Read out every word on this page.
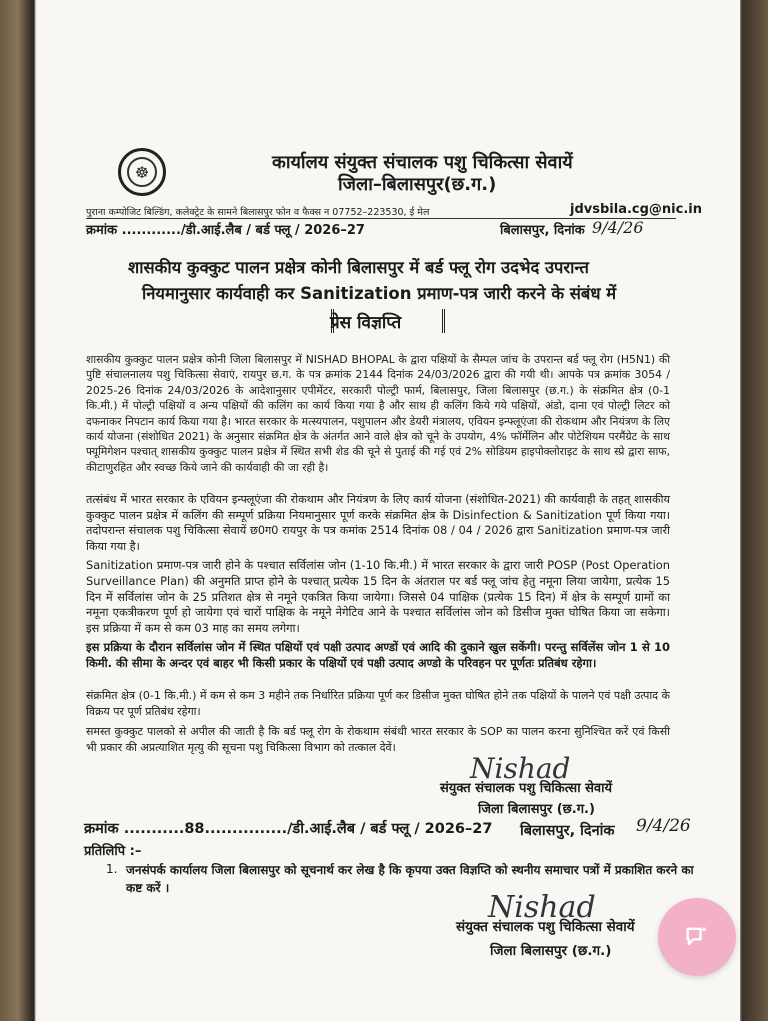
☸	कार्यालय संयुक्त संचालक पशु चिकित्सा सेवायें
जिला–बिलासपुर(छ.ग.)
पुराना कम्पोजिट बिल्डिंग, कलेक्ट्रेट के सामने बिलासपुर फोन व फैक्स न 07752–223530, ई मेल	jdvsbila.cg@nic.in
क्रमांक ............/डी.आई.लैब / बर्ड फ्लू / 2026–27	बिलासपुर, दिनांक 9/4/26
शासकीय कुक्कुट पालन प्रक्षेत्र कोनी बिलासपुर में बर्ड फ्लू रोग उदभेद उपरान्त
नियमानुसार कार्यवाही कर Sanitization प्रमाण-पत्र जारी करने के संबंध में
प्रेस विज्ञप्ति

शासकीय कुक्कुट पालन प्रक्षेत्र कोनी जिला बिलासपुर में NISHAD BHOPAL के द्वारा पक्षियों के सैम्पल जांच के उपरान्त बर्ड फ्लू रोग (H5N1) की पुष्टि संचालनालय पशु चिकित्सा सेवाएं, रायपुर छ.ग. के पत्र क्रमांक 2144 दिनांक 24/03/2026 द्वारा की गयी थी। आपके पत्र क्रमांक 3054 / 2025-26 दिनांक 24/03/2026 के आदेशानुसार एपीमेंटर, सरकारी पोल्ट्री फार्म, बिलासपुर, जिला बिलासपुर (छ.ग.) के संक्रमित क्षेत्र (0-1 कि.मी.) में पोल्ट्री पक्षियों व अन्य पक्षियों की कलिंग का कार्य किया गया है और साथ ही कलिंग किये गये पक्षियों, अंडो, दाना एवं पोल्ट्री लिटर को दफनाकर निपटान कार्य किया गया है। भारत सरकार के मत्स्यपालन, पशुपालन और डेयरी मंत्रालय, एवियन इन्फ्लूएंजा की रोकथाम और नियंत्रण के लिए कार्य योजना (संशोधित 2021) के अनुसार संक्रमित क्षेत्र के अंतर्गत आने वाले क्षेत्र को चूने के उपयोग, 4% फॉर्मेलिन और पोटेशियम परमैंग्रेट के साथ फ्यूमिगेशन पश्चात् शासकीय कुक्कुट पालन प्रक्षेत्र में स्थित सभी शेड की चूने से पुताई की गई एवं 2% सोडियम हाइपोक्लोराइट के साथ स्प्रे द्वारा साफ, कीटाणुरहित और स्वच्छ किये जाने की कार्यवाही की जा रही है।

तत्संबंध में भारत सरकार के एवियन इन्फ्लूएंजा की रोकथाम और नियंत्रण के लिए कार्य योजना (संशोधित-2021) की कार्यवाही के तहत् शासकीय कुक्कुट पालन प्रक्षेत्र में कलिंग की सम्पूर्ण प्रक्रिया नियमानुसार पूर्ण करके संक्रमित क्षेत्र के Disinfection & Sanitization पूर्ण किया गया। तदोपरान्त संचालक पशु चिकित्सा सेवायें छ0ग0 रायपुर के पत्र कमांक 2514 दिनांक 08 / 04 / 2026 द्वारा Sanitization प्रमाण-पत्र जारी किया गया है।

Sanitization प्रमाण-पत्र जारी होने के पश्चात सर्विलांस जोन (1-10 कि.मी.) में भारत सरकार के द्वारा जारी POSP (Post Operation Surveillance Plan) की अनुमति प्राप्त होने के पश्चात् प्रत्येक 15 दिन के अंतराल पर बर्ड फ्लू जांच हेतु नमूना लिया जायेगा, प्रत्येक 15 दिन में सर्विलांस जोन के 25 प्रतिशत क्षेत्र से नमूने एकत्रित किया जायेगा। जिससे 04 पाक्षिक (प्रत्येक 15 दिन) में क्षेत्र के सम्पूर्ण ग्रामों का नमूना एकत्रीकरण पूर्ण हो जायेगा एवं चारों पाक्षिक के नमूने नेगेटिव आने के पश्चात सर्विलांस जोन को डिसीज मुक्त घोषित किया जा सकेगा। इस प्रक्रिया में कम से कम 03 माह का समय लगेगा।

इस प्रक्रिया के दौरान सर्विलांस जोन में स्थित पक्षियों एवं पक्षी उत्पाद अण्डों एवं आदि की दुकाने खुल सकेंगी। परन्तु सर्विलेंस जोन 1 से 10 किमी. की सीमा के अन्दर एवं बाहर भी किसी प्रकार के पक्षियों एवं पक्षी उत्पाद अण्डो के परिवहन पर पूर्णतः प्रतिबंध रहेगा।

संक्रमित क्षेत्र (0-1 कि.मी.) में कम से कम 3 महीने तक निर्धारित प्रक्रिया पूर्ण कर डिसीज मुक्त घोषित होने तक पक्षियों के पालने एवं पक्षी उत्पाद के विक्रय पर पूर्ण प्रतिबंध रहेगा।

समस्त कुक्कुट पालको से अपील की जाती है कि बर्ड फ्लू रोग के रोकथाम संबंधी भारत सरकार के SOP का पालन करना सुनिश्चित करें एवं किसी भी प्रकार की अप्रत्याशित मृत्यु की सूचना पशु चिकित्सा विभाग को तत्काल देवें।

Nishad
संयुक्त संचालक पशु चिकित्सा सेवायें
जिला बिलासपुर (छ.ग.)
क्रमांक ...........88.............../डी.आई.लैब / बर्ड फ्लू / 2026–27 बिलासपुर, दिनांक 9/4/26
प्रतिलिपि :–
1. जनसंपर्क कार्यालय जिला बिलासपुर को सूचनार्थ कर लेख है कि कृपया उक्त विज्ञप्ति को स्थनीय समाचार पत्रों में प्रकाशित करने का कष्ट करें ।
Nishad
संयुक्त संचालक पशु चिकित्सा सेवायें
जिला बिलासपुर (छ.ग.)
